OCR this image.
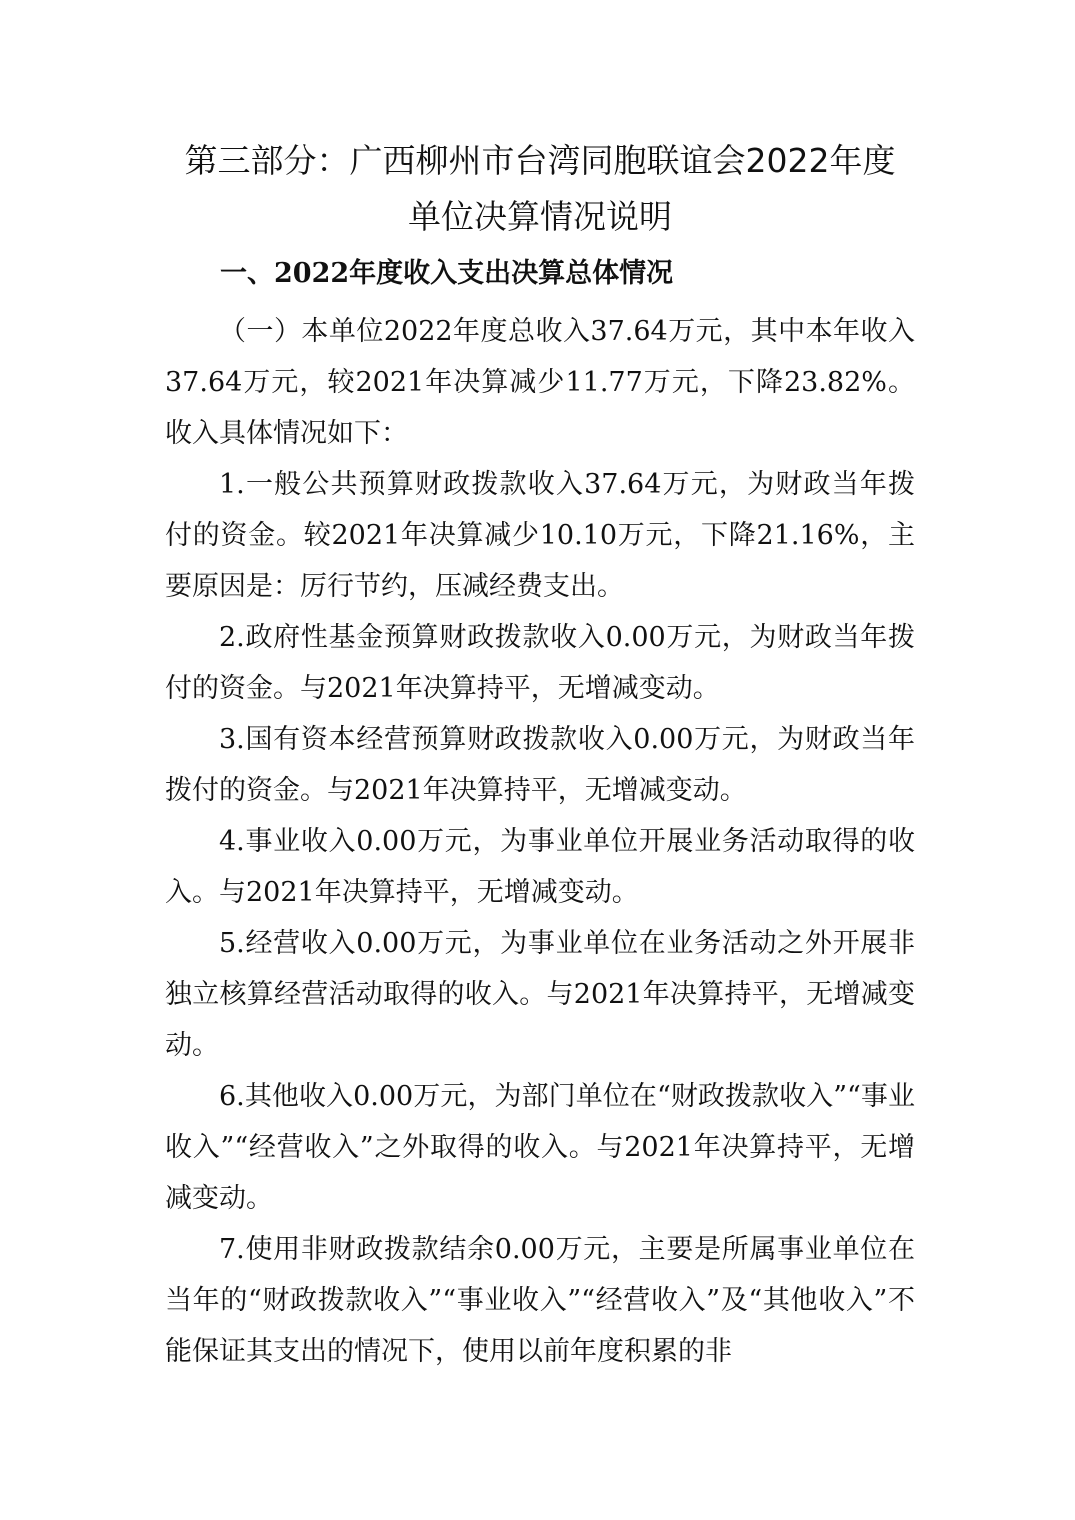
第三部分：广西柳州市台湾同胞联谊会2022年度
单位决算情况说明
一、2022年度收入支出决算总体情况

（一）本单位2022年度总收入37.64万元，其中本年收入37.64万元，较2021年决算减少11.77万元，下降23.82%。收入具体情况如下：

1.一般公共预算财政拨款收入37.64万元，为财政当年拨付的资金。较2021年决算减少10.10万元，下降21.16%，主要原因是：厉行节约，压减经费支出。

2.政府性基金预算财政拨款收入0.00万元，为财政当年拨付的资金。与2021年决算持平，无增减变动。

3.国有资本经营预算财政拨款收入0.00万元，为财政当年拨付的资金。与2021年决算持平，无增减变动。

4.事业收入0.00万元，为事业单位开展业务活动取得的收入。与2021年决算持平，无增减变动。

5.经营收入0.00万元，为事业单位在业务活动之外开展非独立核算经营活动取得的收入。与2021年决算持平，无增减变动。

6.其他收入0.00万元，为部门单位在“财政拨款收入”“事业收入”“经营收入”之外取得的收入。与2021年决算持平，无增减变动。

7.使用非财政拨款结余0.00万元，主要是所属事业单位在当年的“财政拨款收入”“事业收入”“经营收入”及“其他收入”不能保证其支出的情况下，使用以前年度积累的非
